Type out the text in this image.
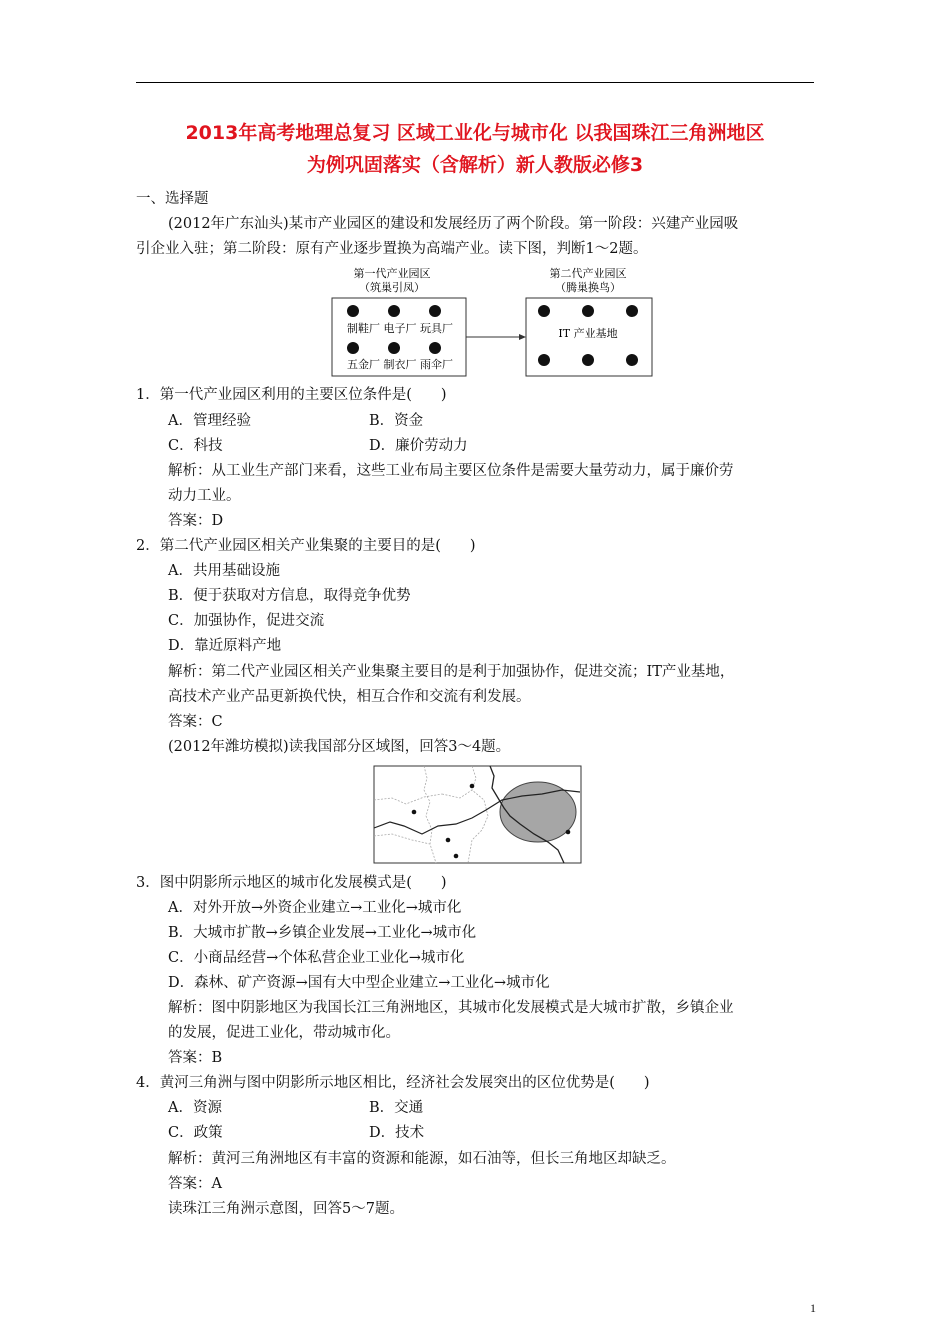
2013年高考地理总复习 区域工业化与城市化 以我国珠江三角洲地区
为例巩固落实（含解析）新人教版必修3
一、选择题
(2012年广东汕头)某市产业园区的建设和发展经历了两个阶段。第一阶段：兴建产业园吸
引企业入驻；第二阶段：原有产业逐步置换为高端产业。读下图，判断1～2题。
第一代产业园区
（筑巢引凤）
制鞋厂 电子厂 玩具厂
五金厂 制衣厂 雨伞厂
第二代产业园区
（腾巢换鸟）
IT 产业基地
1．第一代产业园区利用的主要区位条件是(　　)
A．管理经验	B．资金
C．科技	D．廉价劳动力
解析：从工业生产部门来看，这些工业布局主要区位条件是需要大量劳动力，属于廉价劳
动力工业。
答案：D
2．第二代产业园区相关产业集聚的主要目的是(　　)
A．共用基础设施
B．便于获取对方信息，取得竞争优势
C．加强协作，促进交流
D．靠近原料产地
解析：第二代产业园区相关产业集聚主要目的是利于加强协作，促进交流；IT产业基地，
高技术产业产品更新换代快，相互合作和交流有利发展。
答案：C
(2012年潍坊模拟)读我国部分区域图，回答3～4题。
3．图中阴影所示地区的城市化发展模式是(　　)
A．对外开放→外资企业建立→工业化→城市化
B．大城市扩散→乡镇企业发展→工业化→城市化
C．小商品经营→个体私营企业工业化→城市化
D．森林、矿产资源→国有大中型企业建立→工业化→城市化
解析：图中阴影地区为我国长江三角洲地区，其城市化发展模式是大城市扩散，乡镇企业
的发展，促进工业化，带动城市化。
答案：B
4．黄河三角洲与图中阴影所示地区相比，经济社会发展突出的区位优势是(　　)
A．资源	B．交通
C．政策	D．技术
解析：黄河三角洲地区有丰富的资源和能源，如石油等，但长三角地区却缺乏。
答案：A
读珠江三角洲示意图，回答5～7题。
1
